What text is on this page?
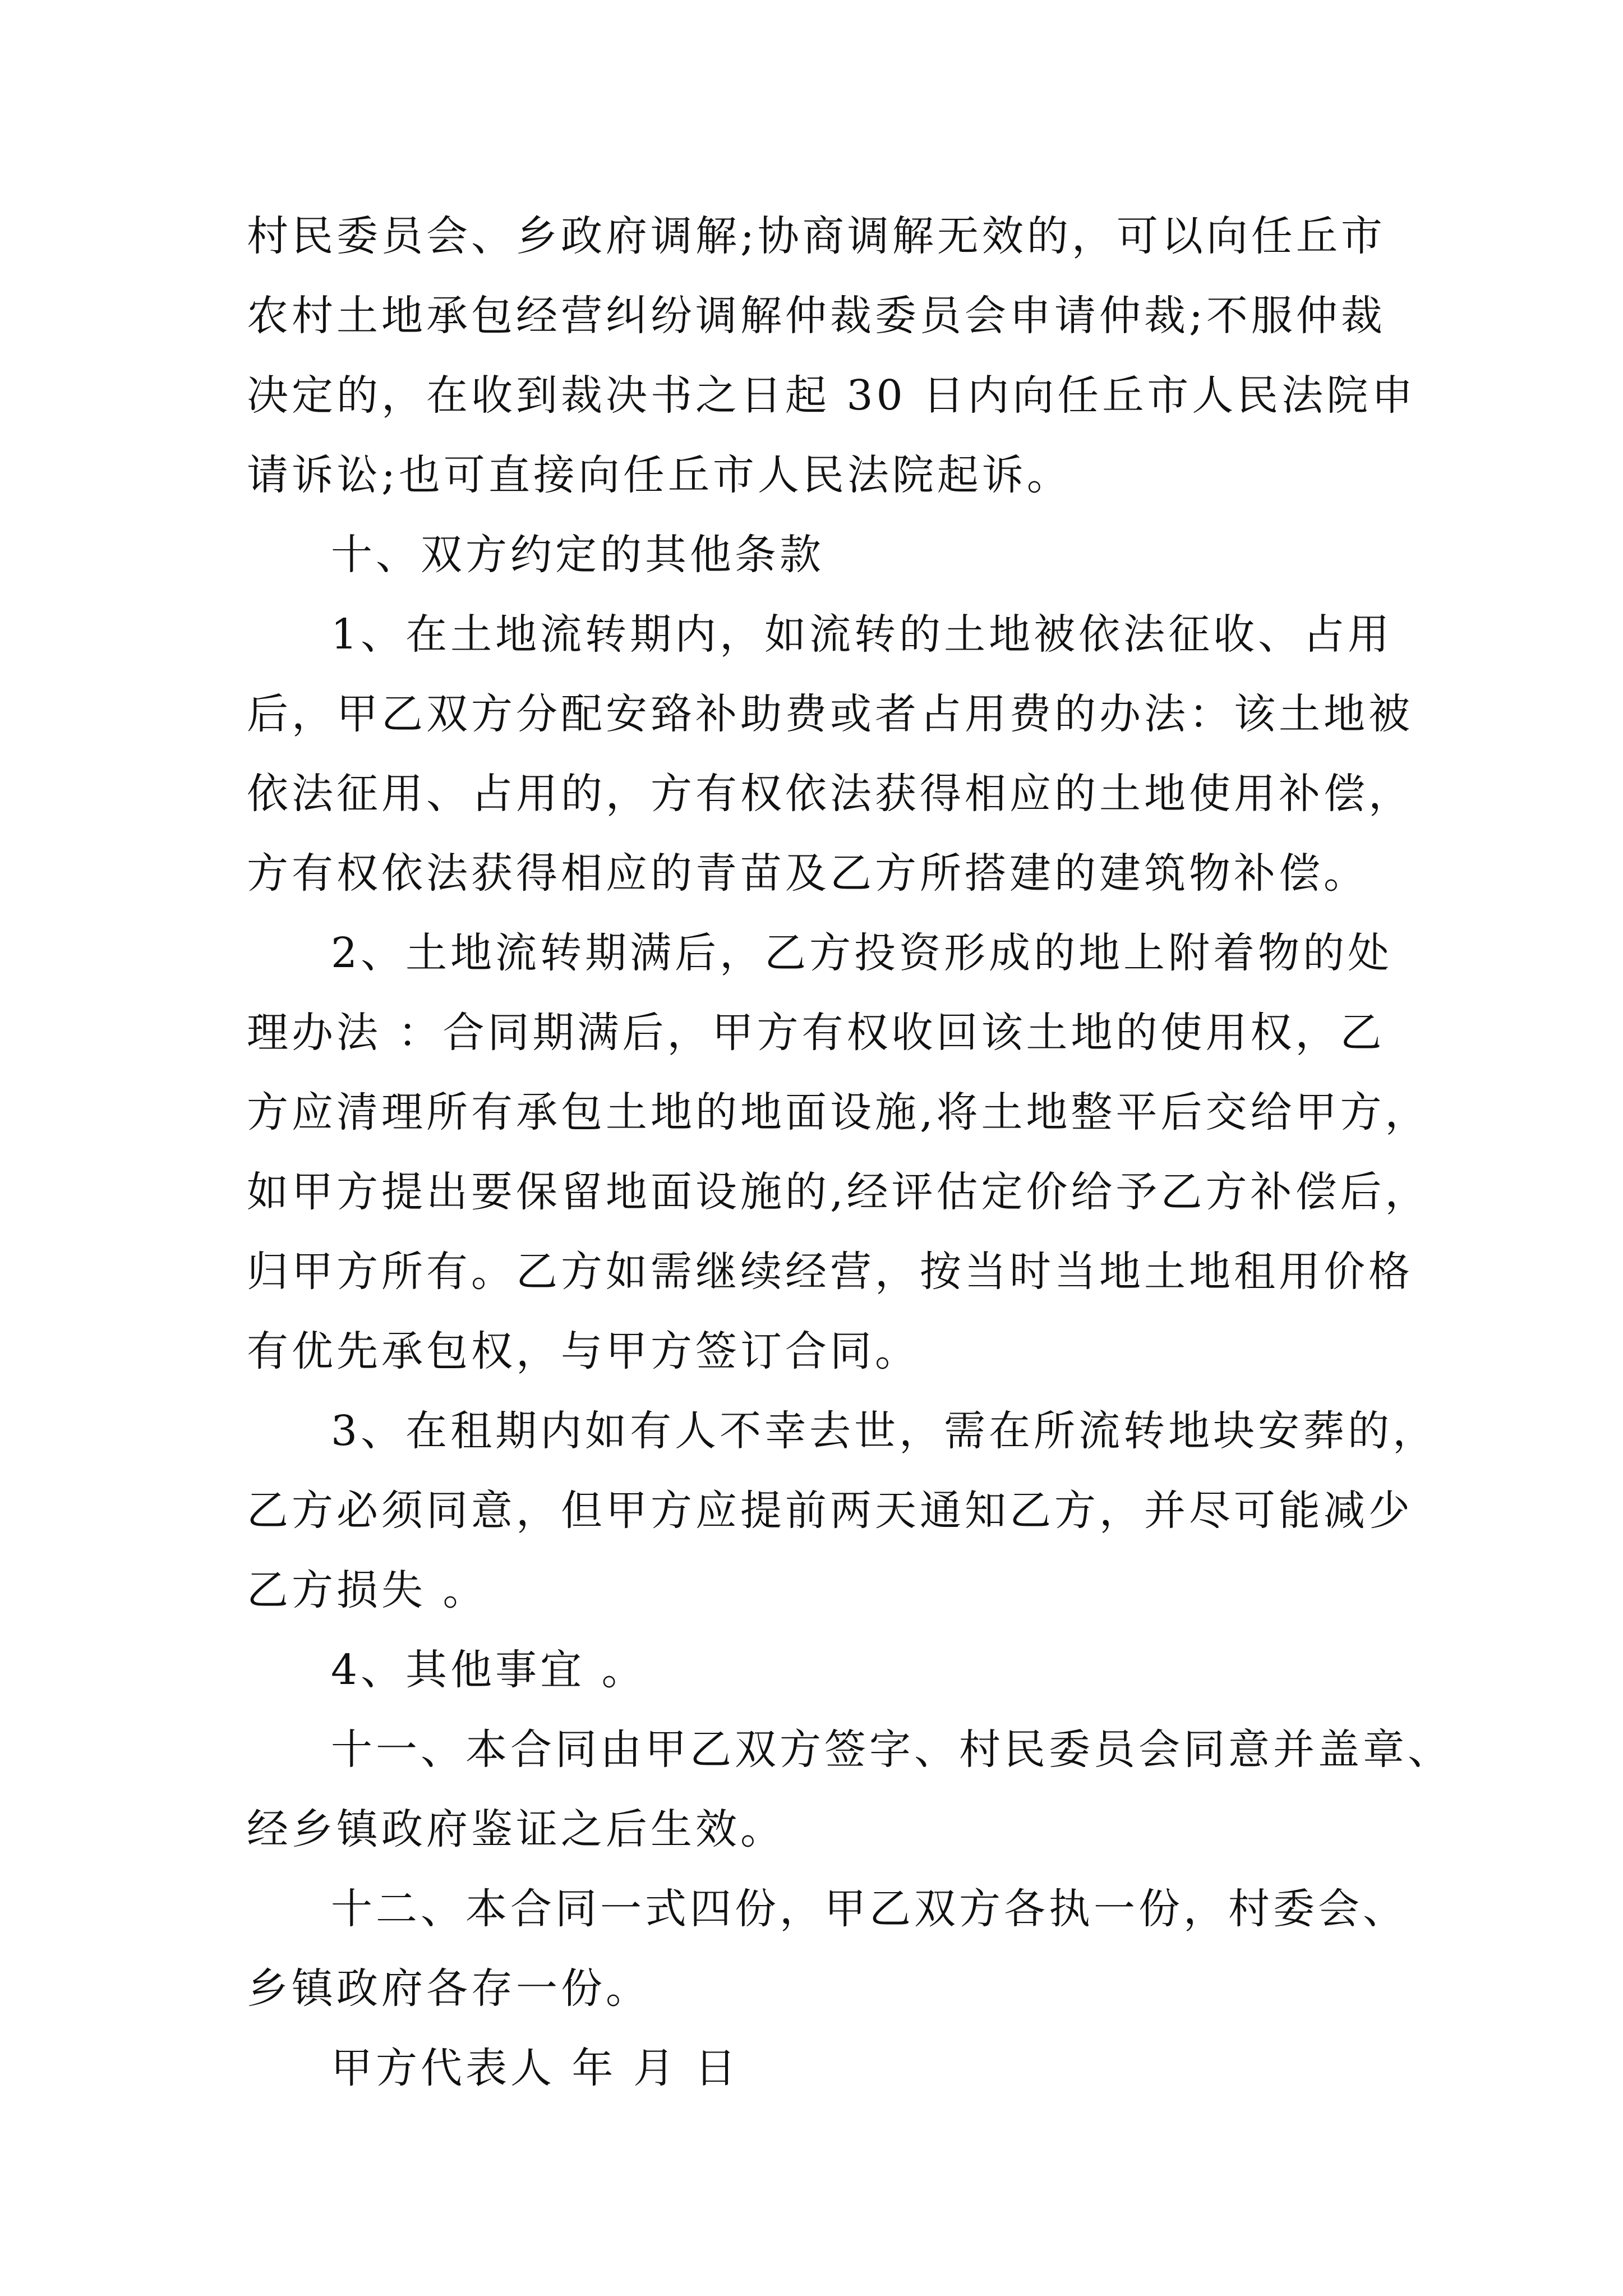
村民委员会、乡政府调解;协商调解无效的，可以向任丘市
农村土地承包经营纠纷调解仲裁委员会申请仲裁;不服仲裁
决定的，在收到裁决书之日起 30 日内向任丘市人民法院申
请诉讼;也可直接向任丘市人民法院起诉。
十、双方约定的其他条款
1、在土地流转期内，如流转的土地被依法征收、占用
后，甲乙双方分配安臵补助费或者占用费的办法：该土地被
依法征用、占用的，方有权依法获得相应的土地使用补偿，
方有权依法获得相应的青苗及乙方所搭建的建筑物补偿。
2、土地流转期满后，乙方投资形成的地上附着物的处
理办法 ：合同期满后，甲方有权收回该土地的使用权，乙
方应清理所有承包土地的地面设施,将土地整平后交给甲方，
如甲方提出要保留地面设施的,经评估定价给予乙方补偿后，
归甲方所有。乙方如需继续经营，按当时当地土地租用价格
有优先承包权，与甲方签订合同。
3、在租期内如有人不幸去世，需在所流转地块安葬的，
乙方必须同意，但甲方应提前两天通知乙方，并尽可能减少
乙方损失 。
4、其他事宜 。
十一、本合同由甲乙双方签字、村民委员会同意并盖章、
经乡镇政府鉴证之后生效。
十二、本合同一式四份，甲乙双方各执一份，村委会、
乡镇政府各存一份。
甲方代表人 年 月 日
